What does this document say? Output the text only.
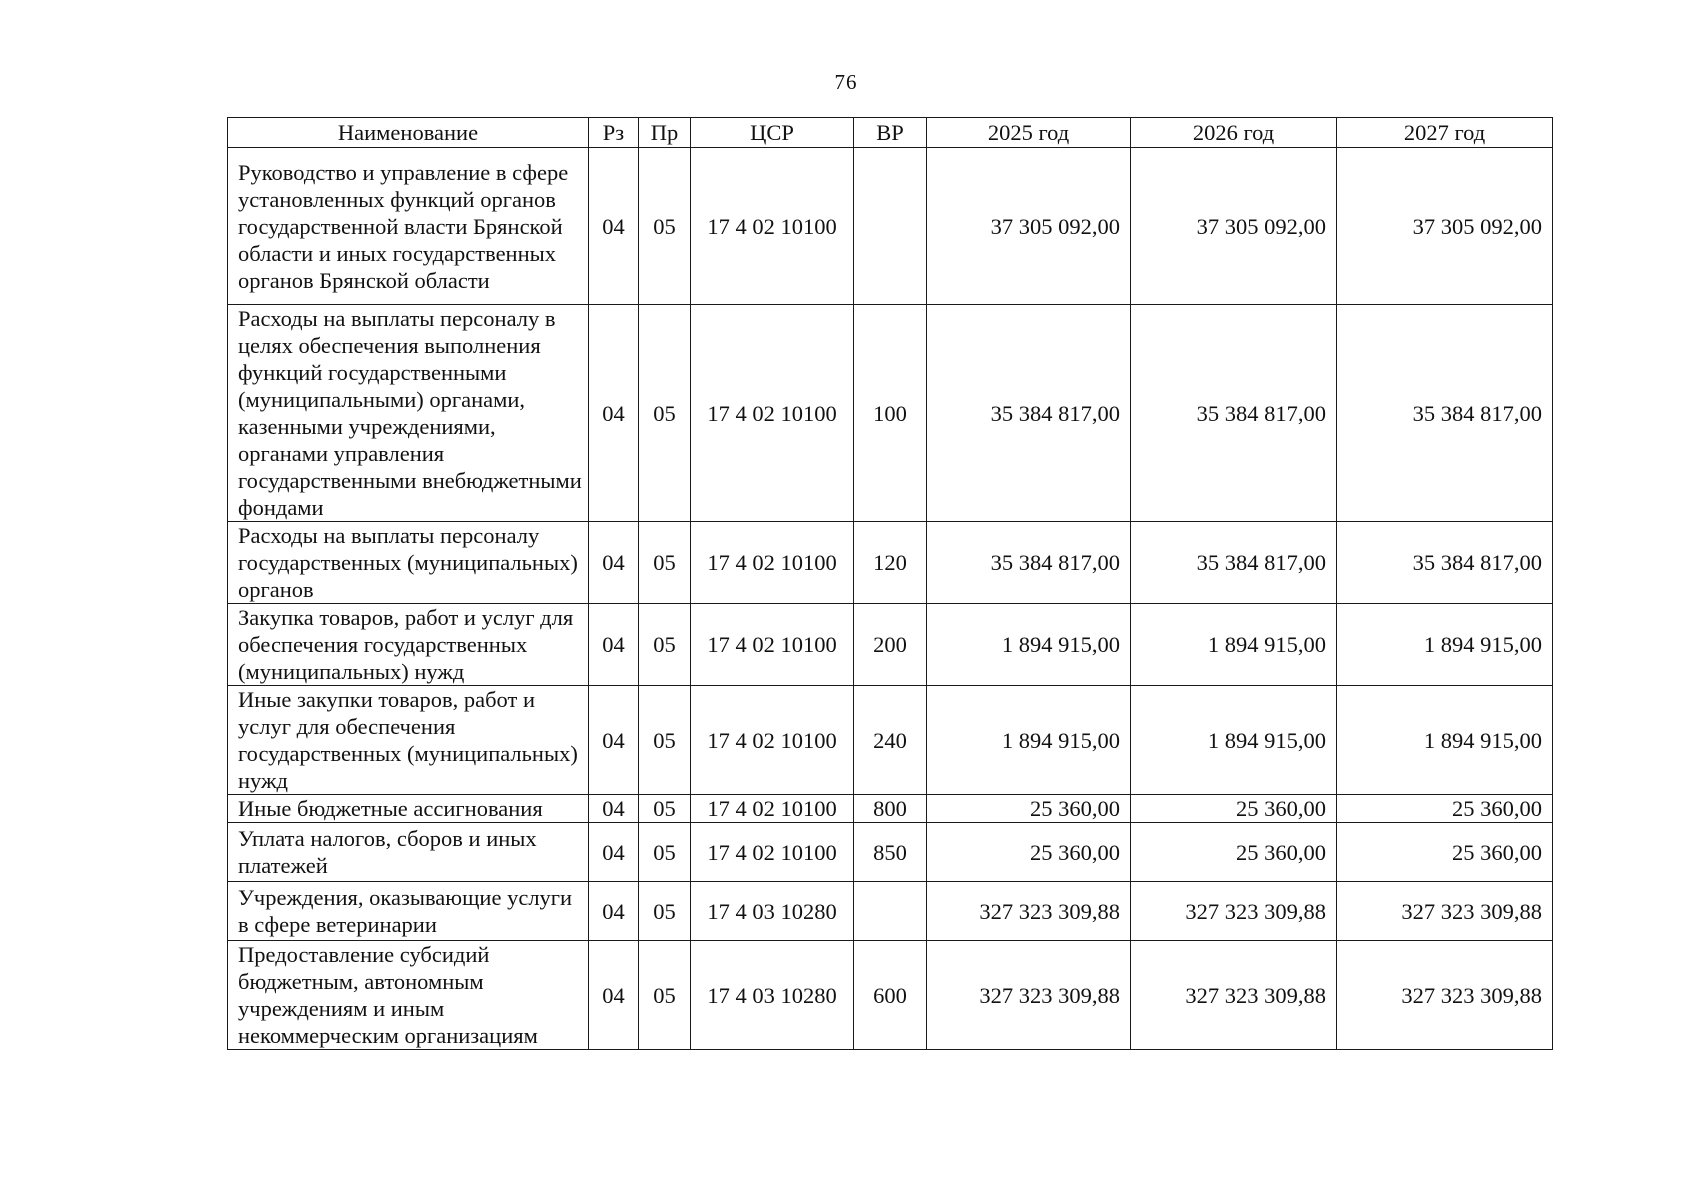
76
Наименование	Рз	Пр	ЦСР	ВР	2025 год	2026 год	2027 год
Руководство и управление в сфере установленных функций органов государственной власти Брянской области и иных государственных органов Брянской области	04	05	17 4 02 10100		37 305 092,00	37 305 092,00	37 305 092,00
Расходы на выплаты персоналу в целях обеспечения выполнения функций государственными (муниципальными) органами, казенными учреждениями, органами управления государственными внебюджетными фондами	04	05	17 4 02 10100	100	35 384 817,00	35 384 817,00	35 384 817,00
Расходы на выплаты персоналу государственных (муниципальных) органов	04	05	17 4 02 10100	120	35 384 817,00	35 384 817,00	35 384 817,00
Закупка товаров, работ и услуг для обеспечения государственных (муниципальных) нужд	04	05	17 4 02 10100	200	1 894 915,00	1 894 915,00	1 894 915,00
Иные закупки товаров, работ и услуг для обеспечения государственных (муниципальных) нужд	04	05	17 4 02 10100	240	1 894 915,00	1 894 915,00	1 894 915,00
Иные бюджетные ассигнования	04	05	17 4 02 10100	800	25 360,00	25 360,00	25 360,00
Уплата налогов, сборов и иных платежей	04	05	17 4 02 10100	850	25 360,00	25 360,00	25 360,00
Учреждения, оказывающие услуги в сфере ветеринарии	04	05	17 4 03 10280		327 323 309,88	327 323 309,88	327 323 309,88
Предоставление субсидий бюджетным, автономным учреждениям и иным некоммерческим организациям	04	05	17 4 03 10280	600	327 323 309,88	327 323 309,88	327 323 309,88
